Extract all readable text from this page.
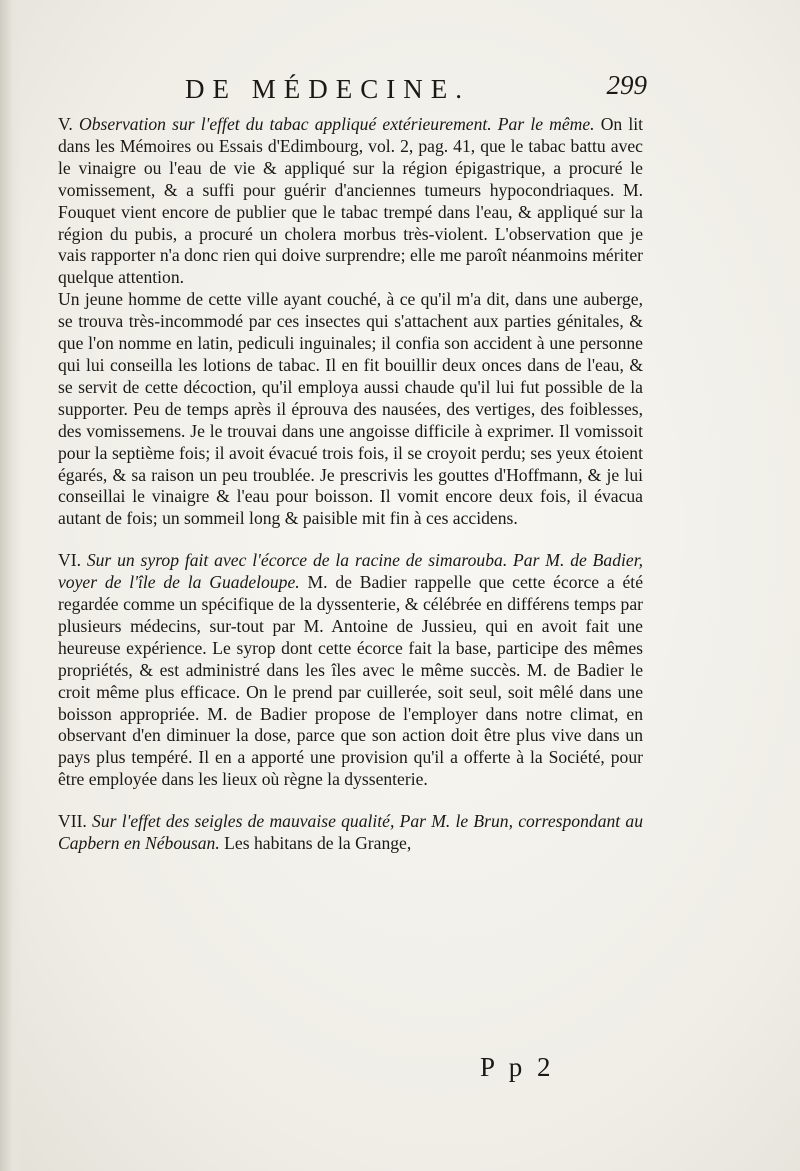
DE MÉDECINE.	299

V. Observation sur l'effet du tabac appliqué extérieurement. Par le même. On lit dans les Mémoires ou Essais d'Edimbourg, vol. 2, pag. 41, que le tabac battu avec le vinaigre ou l'eau de vie & appliqué sur la région épigastrique, a procuré le vomissement, & a suffi pour guérir d'anciennes tumeurs hypocondriaques. M. Fouquet vient encore de publier que le tabac trempé dans l'eau, & appliqué sur la région du pubis, a procuré un cholera morbus très-violent. L'observation que je vais rapporter n'a donc rien qui doive surprendre; elle me paroît néanmoins mériter quelque attention.

Un jeune homme de cette ville ayant couché, à ce qu'il m'a dit, dans une auberge, se trouva très-incommodé par ces insectes qui s'attachent aux parties génitales, & que l'on nomme en latin, pediculi inguinales; il confia son accident à une personne qui lui conseilla les lotions de tabac. Il en fit bouillir deux onces dans de l'eau, & se servit de cette décoction, qu'il employa aussi chaude qu'il lui fut possible de la supporter. Peu de temps après il éprouva des nausées, des vertiges, des foiblesses, des vomissemens. Je le trouvai dans une angoisse difficile à exprimer. Il vomissoit pour la septième fois; il avoit évacué trois fois, il se croyoit perdu; ses yeux étoient égarés, & sa raison un peu troublée. Je prescrivis les gouttes d'Hoffmann, & je lui conseillai le vinaigre & l'eau pour boisson. Il vomit encore deux fois, il évacua autant de fois; un sommeil long & paisible mit fin à ces accidens.

VI. Sur un syrop fait avec l'écorce de la racine de simarouba. Par M. de Badier, voyer de l'île de la Guadeloupe. M. de Badier rappelle que cette écorce a été regardée comme un spécifique de la dyssenterie, & célébrée en différens temps par plusieurs médecins, sur-tout par M. Antoine de Jussieu, qui en avoit fait une heureuse expérience. Le syrop dont cette écorce fait la base, participe des mêmes propriétés, & est administré dans les îles avec le même succès. M. de Badier le croit même plus efficace. On le prend par cuillerée, soit seul, soit mêlé dans une boisson appropriée. M. de Badier propose de l'employer dans notre climat, en observant d'en diminuer la dose, parce que son action doit être plus vive dans un pays plus tempéré. Il en a apporté une provision qu'il a offerte à la Société, pour être employée dans les lieux où règne la dyssenterie.

VII. Sur l'effet des seigles de mauvaise qualité, Par M. le Brun, correspondant au Capbern en Nébousan. Les habitans de la Grange,

P p 2
